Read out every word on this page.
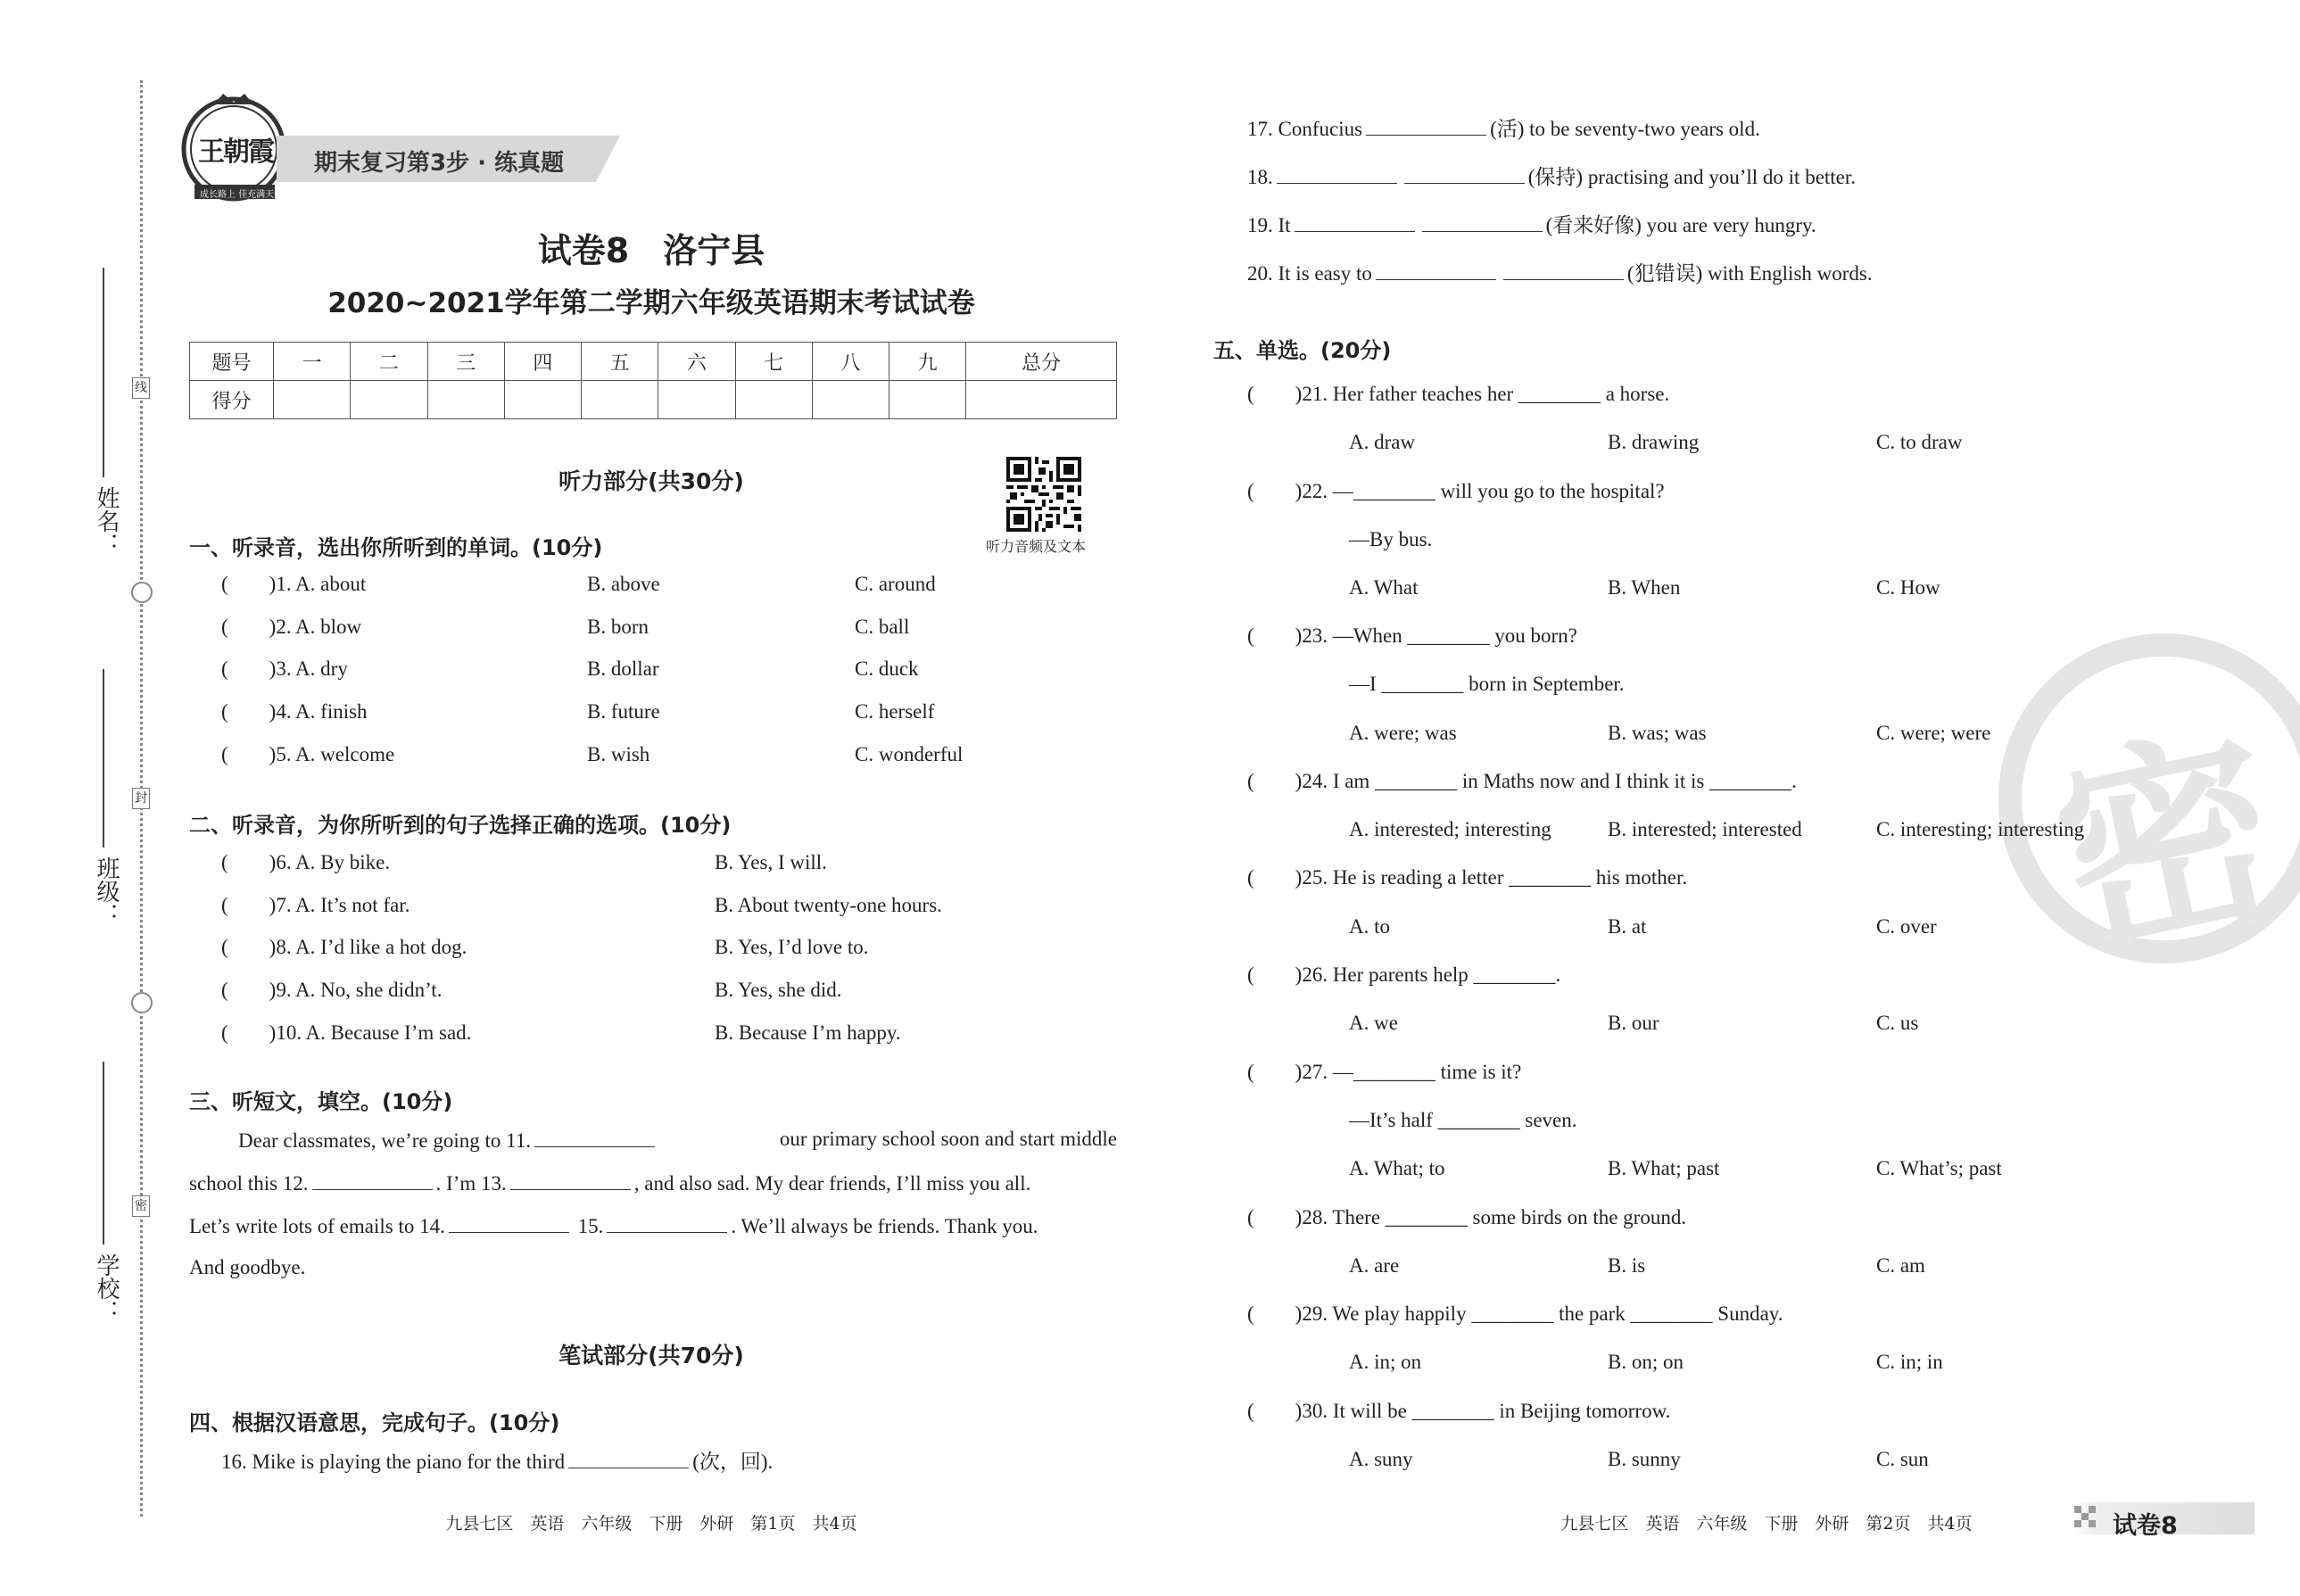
姓名：
班级：
学校：
线
封
密
王朝霞
成长路上 佳充满天
期末复习第3步 · 练真题
试卷8　洛宁县
2020~2021学年第二学期六年级英语期末考试试卷
题号	一	二	三	四	五	六	七	八	九	总分
得分										
听力音频及文本
听力部分(共30分)
一、听录音，选出你所听到的单词。(10分)
(　　)1. A. about	B. above	C. around
(　　)2. A. blow	B. born	C. ball
(　　)3. A. dry	B. dollar	C. duck
(　　)4. A. finish	B. future	C. herself
(　　)5. A. welcome	B. wish	C. wonderful
二、听录音，为你所听到的句子选择正确的选项。(10分)
(　　)6. A. By bike.	B. Yes, I will.
(　　)7. A. It’s not far.	B. About twenty-one hours.
(　　)8. A. I’d like a hot dog.	B. Yes, I’d love to.
(　　)9. A. No, she didn’t.	B. Yes, she did.
(　　)10. A. Because I’m sad.	B. Because I’m happy.
三、听短文，填空。(10分)
Dear classmates, we’re going to 11.	our primary school soon and start middle
school this 12.	. I’m 13.	, and also sad. My dear friends, I’ll miss you all.
Let’s write lots of emails to 14.	15.	. We’ll always be friends. Thank you.
And goodbye.
笔试部分(共70分)
四、根据汉语意思，完成句子。(10分)
16. Mike is playing the piano for the third	(次，回).
17. Confucius	(活) to be seventy-two years old.
18.	(保持) practising and you’ll do it better.
19. It	(看来好像) you are very hungry.
20. It is easy to	(犯错误) with English words.
密
五、单选。(20分)
(　　)21. Her father teaches her ________ a horse.
A. draw	B. drawing	C. to draw
(　　)22. —________ will you go to the hospital?
—By bus.
A. What	B. When	C. How
(　　)23. —When ________ you born?
—I ________ born in September.
A. were; was	B. was; was	C. were; were
(　　)24. I am ________ in Maths now and I think it is ________.
A. interested; interesting	B. interested; interested	C. interesting; interesting
(　　)25. He is reading a letter ________ his mother.
A. to	B. at	C. over
(　　)26. Her parents help ________.
A. we	B. our	C. us
(　　)27. —________ time is it?
—It’s half ________ seven.
A. What; to	B. What; past	C. What’s; past
(　　)28. There ________ some birds on the ground.
A. are	B. is	C. am
(　　)29. We play happily ________ the park ________ Sunday.
A. in; on	B. on; on	C. in; in
(　　)30. It will be ________ in Beijing tomorrow.
A. suny	B. sunny	C. sun
九县七区　英语　六年级　下册　外研　第1页　共4页	九县七区　英语　六年级　下册　外研　第2页　共4页	试卷8
